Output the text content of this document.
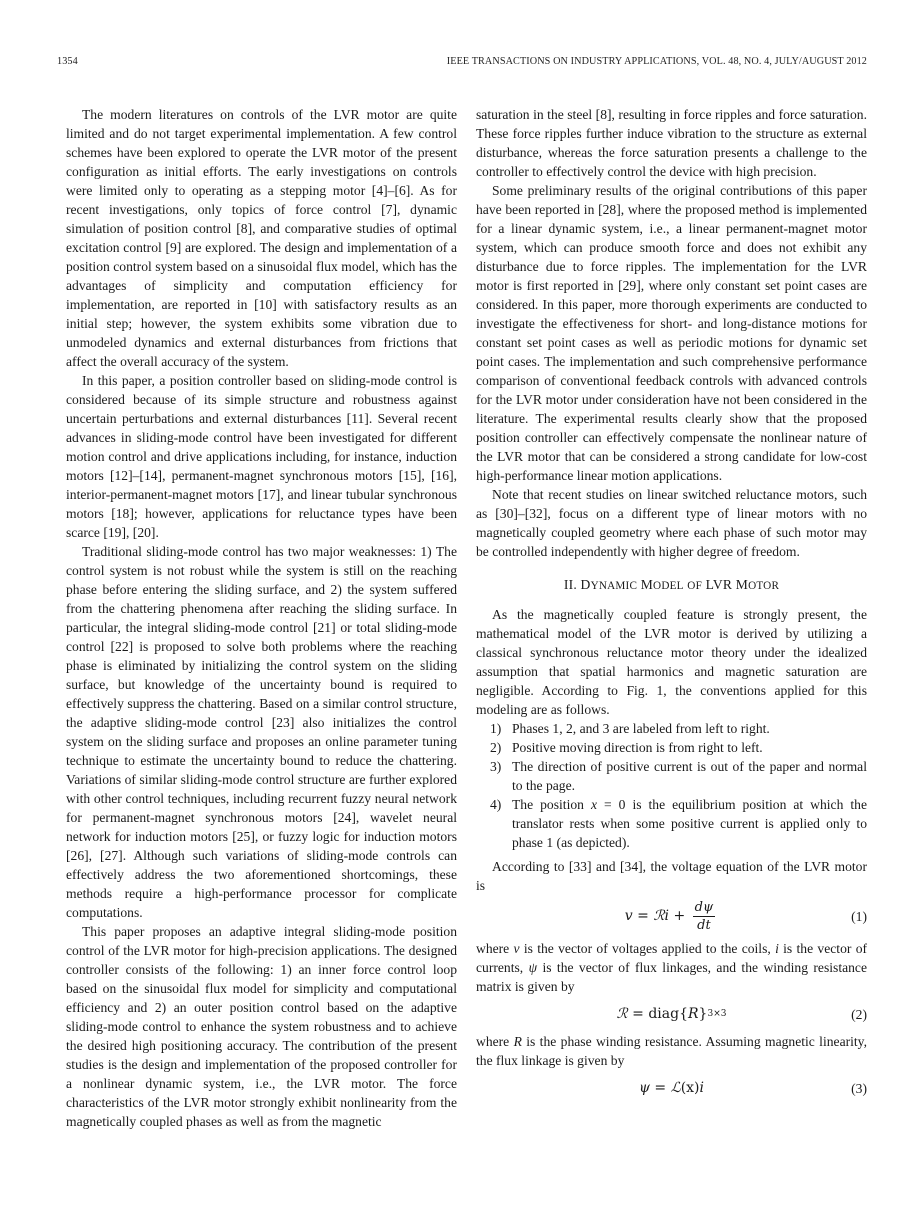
1354	IEEE TRANSACTIONS ON INDUSTRY APPLICATIONS, VOL. 48, NO. 4, JULY/AUGUST 2012

The modern literatures on controls of the LVR motor are quite limited and do not target experimental implementation. A few control schemes have been explored to operate the LVR motor of the present configuration as initial efforts. The early investigations on controls were limited only to operating as a stepping motor [4]–[6]. As for recent investigations, only topics of force control [7], dynamic simulation of position control [8], and comparative studies of optimal excitation control [9] are explored. The design and implementation of a position control system based on a sinusoidal flux model, which has the advantages of simplicity and computation efficiency for implementation, are reported in [10] with satisfactory results as an initial step; however, the system exhibits some vibration due to unmodeled dynamics and external disturbances from frictions that affect the overall accuracy of the system.

In this paper, a position controller based on sliding-mode control is considered because of its simple structure and robustness against uncertain perturbations and external disturbances [11]. Several recent advances in sliding-mode control have been investigated for different motion control and drive applications including, for instance, induction motors [12]–[14], permanent-magnet synchronous motors [15], [16], interior-permanent-magnet motors [17], and linear tubular synchronous motors [18]; however, applications for reluctance types have been scarce [19], [20].

Traditional sliding-mode control has two major weaknesses: 1) The control system is not robust while the system is still on the reaching phase before entering the sliding surface, and 2) the system suffered from the chattering phenomena after reaching the sliding surface. In particular, the integral sliding-mode control [21] or total sliding-mode control [22] is proposed to solve both problems where the reaching phase is eliminated by initializing the control system on the sliding surface, but knowledge of the uncertainty bound is required to effectively suppress the chattering. Based on a similar control structure, the adaptive sliding-mode control [23] also initializes the control system on the sliding surface and proposes an online parameter tuning technique to estimate the uncertainty bound to reduce the chattering. Variations of similar sliding-mode control structure are further explored with other control techniques, including recurrent fuzzy neural network for permanent-magnet synchronous motors [24], wavelet neural network for induction motors [25], or fuzzy logic for induction motors [26], [27]. Although such variations of sliding-mode controls can effectively address the two aforementioned shortcomings, these methods require a high-performance processor for complicate computations.

This paper proposes an adaptive integral sliding-mode position control of the LVR motor for high-precision applications. The designed controller consists of the following: 1) an inner force control loop based on the sinusoidal flux model for simplicity and computational efficiency and 2) an outer position control based on the adaptive sliding-mode control to enhance the system robustness and to achieve the desired high positioning accuracy. The contribution of the present studies is the design and implementation of the proposed controller for a nonlinear dynamic system, i.e., the LVR motor. The force characteristics of the LVR motor strongly exhibit nonlinearity from the magnetically coupled phases as well as from the magnetic

saturation in the steel [8], resulting in force ripples and force saturation. These force ripples further induce vibration to the structure as external disturbance, whereas the force saturation presents a challenge to the controller to effectively control the device with high precision.

Some preliminary results of the original contributions of this paper have been reported in [28], where the proposed method is implemented for a linear dynamic system, i.e., a linear permanent-magnet motor system, which can produce smooth force and does not exhibit any disturbance due to force ripples. The implementation for the LVR motor is first reported in [29], where only constant set point cases are considered. In this paper, more thorough experiments are conducted to investigate the effectiveness for short- and long-distance motions for constant set point cases as well as periodic motions for dynamic set point cases. The implementation and such comprehensive performance comparison of conventional feedback controls with advanced controls for the LVR motor under consideration have not been considered in the literature. The experimental results clearly show that the proposed position controller can effectively compensate the nonlinear nature of the LVR motor that can be considered a strong candidate for low-cost high-performance linear motion applications.

Note that recent studies on linear switched reluctance motors, such as [30]–[32], focus on a different type of linear motors with no magnetically coupled geometry where each phase of such motor may be controlled independently with higher degree of freedom.

II. DYNAMIC MODEL OF LVR MOTOR

As the magnetically coupled feature is strongly present, the mathematical model of the LVR motor is derived by utilizing a classical synchronous reluctance motor theory under the idealized assumption that spatial harmonics and magnetic saturation are negligible. According to Fig. 1, the conventions applied for this modeling are as follows.

1) Phases 1, 2, and 3 are labeled from left to right.
2) Positive moving direction is from right to left.
3) The direction of positive current is out of the paper and normal to the page.
4) The position x = 0 is the equilibrium position at which the translator rests when some positive current is applied only to phase 1 (as depicted).

According to [33] and [34], the voltage equation of the LVR motor is

v = ℛi + $\frac{d\psi}{dt}$	(1)

where v is the vector of voltages applied to the coils, i is the vector of currents, ψ is the vector of flux linkages, and the winding resistance matrix is given by

ℛ = diag{ R } 3×3	(2)

where R is the phase winding resistance. Assuming magnetic linearity, the flux linkage is given by

ψ = ℒ (x) i	(3)
